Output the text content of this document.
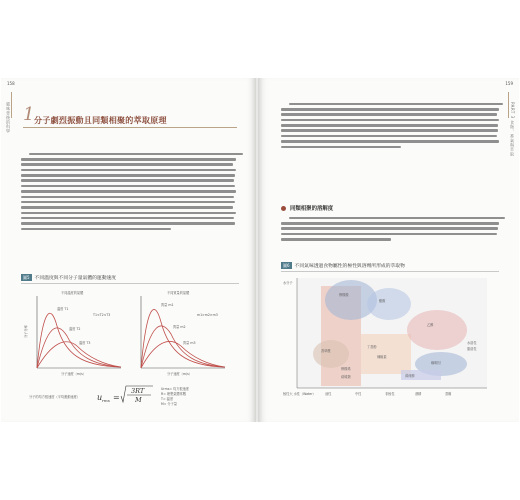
158
風味背後的科學 1 分子劇烈振動且同類相聚的萃取原理
圖5	不同溫度與不同分子量氣體的運動速度
不同溫度的氣體	不同質量的氣體
溫度 T1
溫度 T2
溫度 T3
質量 m1
質量 m2
質量 m3
T1<T2<T3	m1>m2>m3
分子速度（m/s）	分子速度（m/s）
分子分率
分子的均方根速度（平均運動速度） u rms =
3RT
M
Urms= 均方根速度
R= 理想氣體常數
T= 溫度
M= 分子量
159
PART 3 食物、香氣與萃取
同類相聚的溶解度
圖6	不同氣味透過食物屬性的極性與溶劑所形成的萃取物
水分子
極性大 水性（Water）
檸檬酸
醋酸
乙醇
咖啡因
香草醛
丁香酚
辣椒素
薄荷醇
檸檬烯
萜烯類
水溶性
脂溶性
油性	中性	非極性	酒精	蒸餾
